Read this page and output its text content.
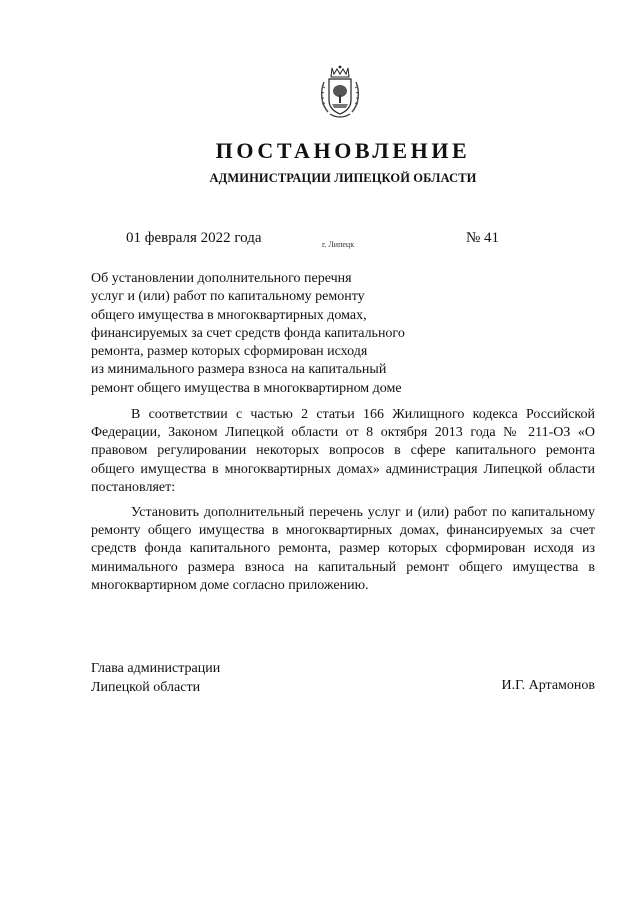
ПОСТАНОВЛЕНИЕ
АДМИНИСТРАЦИИ ЛИПЕЦКОЙ ОБЛАСТИ
01 февраля 2022 года	г. Липецк	№ 41
Об установлении дополнительного перечня
услуг и (или) работ по капитальному ремонту
общего имущества в многоквартирных домах,
финансируемых за счет средств фонда капитального
ремонта, размер которых сформирован исходя
из минимального размера взноса на капитальный
ремонт общего имущества в многоквартирном доме

В соответствии с частью 2 статьи 166 Жилищного кодекса Российской Федерации, Законом Липецкой области от 8 октября 2013 года № 211-ОЗ «О правовом регулировании некоторых вопросов в сфере капитального ремонта общего имущества в многоквартирных домах» администрация Липецкой области постановляет:

Установить дополнительный перечень услуг и (или) работ по капитальному ремонту общего имущества в многоквартирных домах, финансируемых за счет средств фонда капитального ремонта, размер которых сформирован исходя из минимального размера взноса на капитальный ремонт общего имущества в многоквартирном доме согласно приложению.

Глава администрации
Липецкой области	И.Г. Артамонов
